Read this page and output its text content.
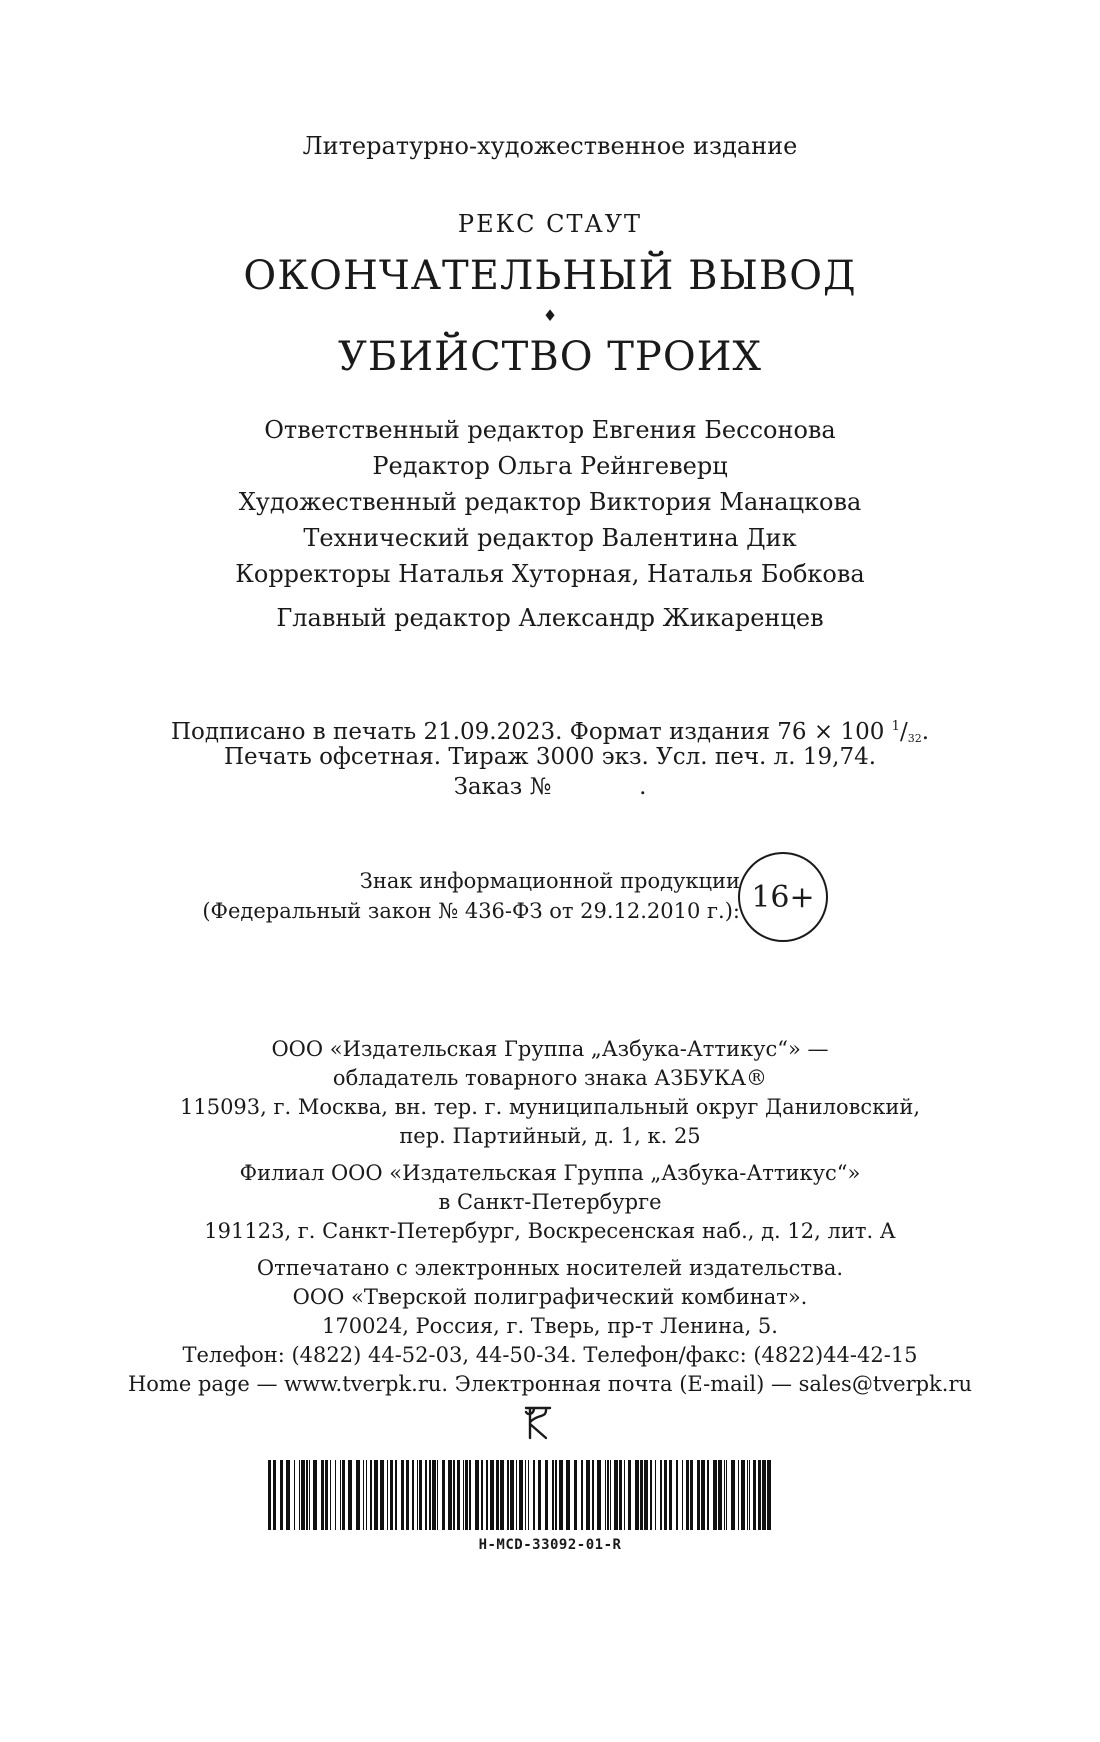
Литературно-художественное издание
РЕКС СТАУТ
ОКОНЧАТЕЛЬНЫЙ ВЫВОД
♦
УБИЙСТВО ТРОИХ
Ответственный редактор Евгения Бессонова
Редактор Ольга Рейнгеверц
Художественный редактор Виктория Манацкова
Технический редактор Валентина Дик
Корректоры Наталья Хуторная, Наталья Бобкова
Главный редактор Александр Жикаренцев
Подписано в печать 21.09.2023. Формат издания 76 × 100 $^1/_{32}$.
Печать офсетная. Тираж 3000 экз. Усл. печ. л. 19,74.
Заказ №            .
Знак информационной продукции
(Федеральный закон № 436-ФЗ от 29.12.2010 г.): 16+
ООО «Издательская Группа „Азбука-Аттикус“» —
обладатель товарного знака АЗБУКА®
115093, г. Москва, вн. тер. г. муниципальный округ Даниловский,
пер. Партийный, д. 1, к. 25
Филиал ООО «Издательская Группа „Азбука-Аттикус“»
в Санкт-Петербурге
191123, г. Санкт-Петербург, Воскресенская наб., д. 12, лит. А
Отпечатано с электронных носителей издательства.
ООО «Тверской полиграфический комбинат».
170024, Россия, г. Тверь, пр-т Ленина, 5.
Телефон: (4822) 44-52-03, 44-50-34. Телефон/факс: (4822)44-42-15
Home page — www.tverpk.ru. Электронная почта (E-mail) — sales@tverpk.ru
H-MCD-33092-01-R
